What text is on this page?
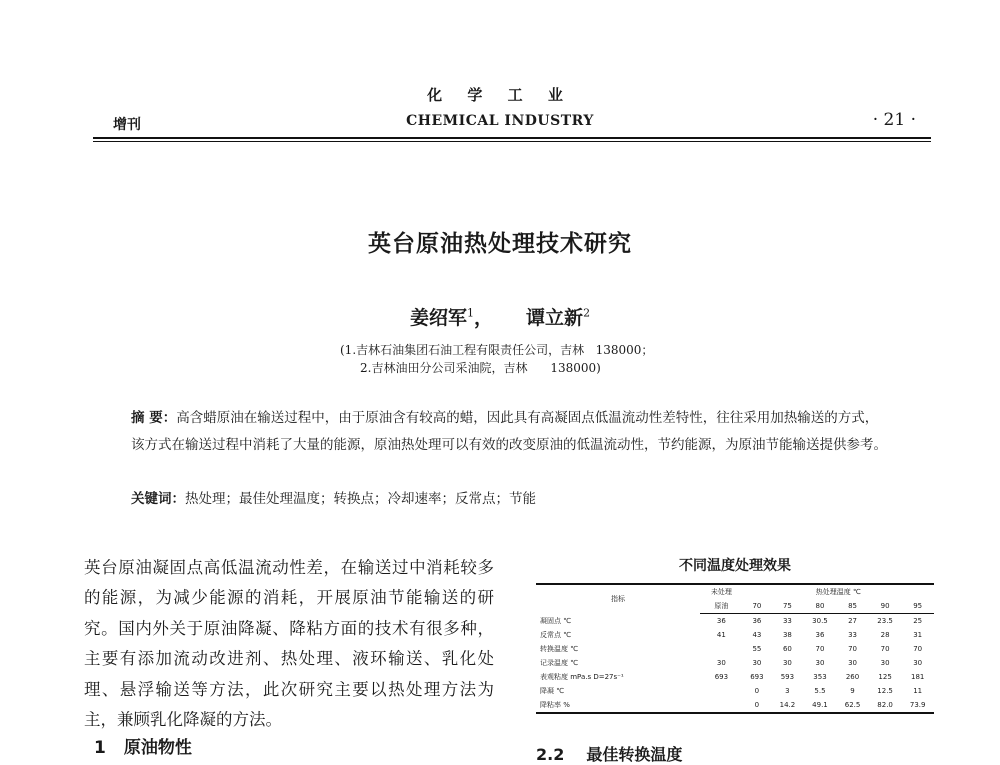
化 学 工 业
CHEMICAL INDUSTRY
增刊	· 21 ·
英台原油热处理技术研究
姜绍军$^1$， 谭立新$^2$
(1.吉林石油集团石油工程有限责任公司，吉林   138000；
2.吉林油田分公司采油院，吉林      138000)
摘 要：高含蜡原油在输送过程中，由于原油含有较高的蜡，因此具有高凝固点低温流动性差特性，往往采用加热输送的方式，该方式在输送过程中消耗了大量的能源，原油热处理可以有效的改变原油的低温流动性，节约能源，为原油节能输送提供参考。
关键词：热处理；最佳处理温度；转换点；冷却速率；反常点；节能
英台原油凝固点高低温流动性差，在输送过中消耗较多的能源，为减少能源的消耗，开展原油节能输送的研究。国内外关于原油降凝、降粘方面的技术有很多种，主要有添加流动改进剂、热处理、液环输送、乳化处理、悬浮输送等方法，此次研究主要以热处理方法为主，兼顾乳化降凝的方法。
1 原油物性
不同温度处理效果
指标	未处理	热处理温度 ℃					
	原油	70	75	80	85	90	95
凝固点 ℃	36	36	33	30.5	27	23.5	25
反常点 ℃	41	43	38	36	33	28	31
转换温度 ℃		55	60	70	70	70	70
记录温度 ℃	30	30	30	30	30	30	30
表观粘度 mPa.s D=27s⁻¹	693	693	593	353	260	125	181
降凝 ℃		0	3	5.5	9	12.5	11
降粘率 %		0	14.2	49.1	62.5	82.0	73.9
2.2 最佳转换温度
